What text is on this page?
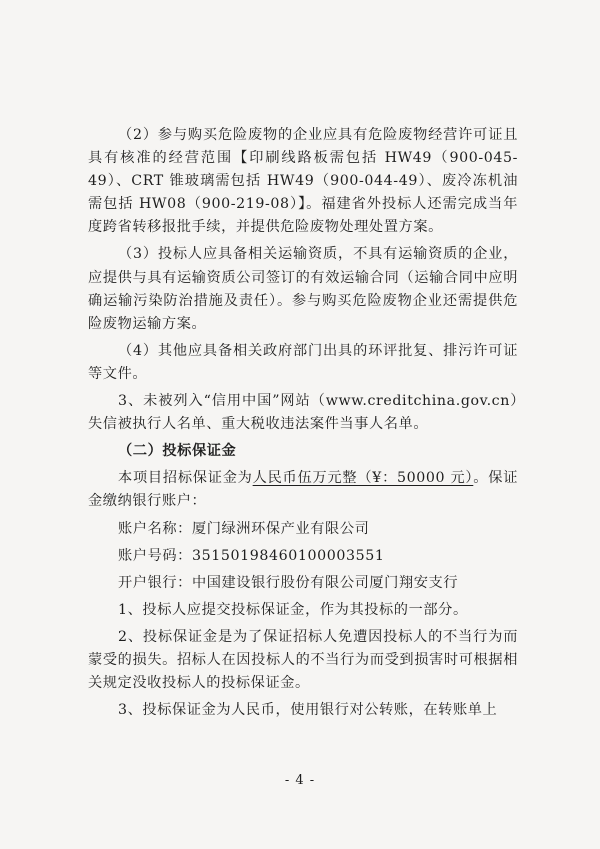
（2）参与购买危险废物的企业应具有危险废物经营许可证且具有核准的经营范围【印刷线路板需包括 HW49（900-045-49）、CRT 锥玻璃需包括 HW49（900-044-49）、废冷冻机油需包括 HW08（900-219-08）】。福建省外投标人还需完成当年度跨省转移报批手续，并提供危险废物处理处置方案。

（3）投标人应具备相关运输资质，不具有运输资质的企业，应提供与具有运输资质公司签订的有效运输合同（运输合同中应明确运输污染防治措施及责任）。参与购买危险废物企业还需提供危险废物运输方案。

（4）其他应具备相关政府部门出具的环评批复、排污许可证等文件。

3、未被列入“信用中国”网站（www.creditchina.gov.cn）失信被执行人名单、重大税收违法案件当事人名单。

（二）投标保证金

本项目招标保证金为人民币伍万元整（¥：50000 元）。保证金缴纳银行账户：

账户名称：厦门绿洲环保产业有限公司

账户号码：35150198460100003551

开户银行：中国建设银行股份有限公司厦门翔安支行

1、投标人应提交投标保证金，作为其投标的一部分。

2、投标保证金是为了保证招标人免遭因投标人的不当行为而蒙受的损失。招标人在因投标人的不当行为而受到损害时可根据相关规定没收投标人的投标保证金。

3、投标保证金为人民币，使用银行对公转账，在转账单上

- 4 -
